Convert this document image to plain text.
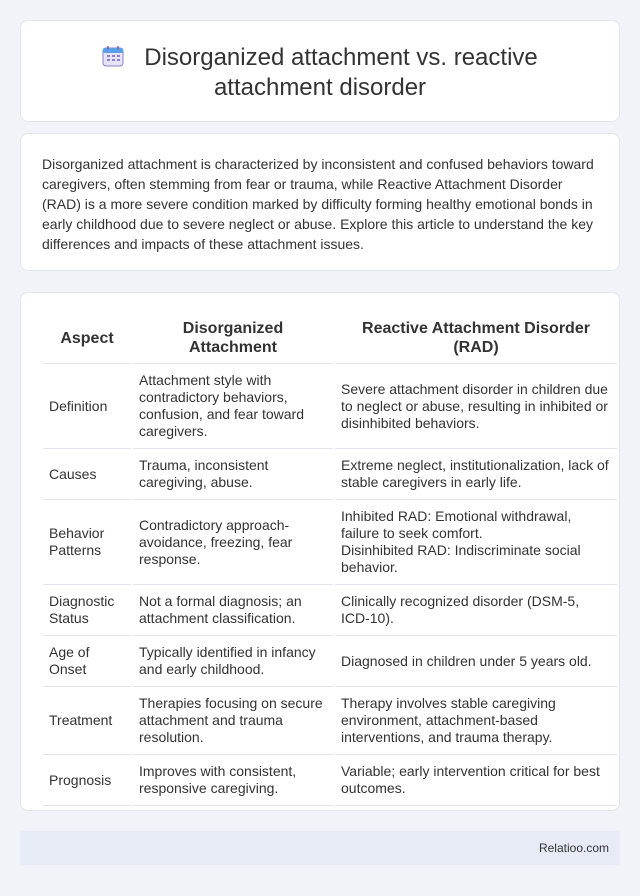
Disorganized attachment vs. reactive
attachment disorder

Disorganized attachment is characterized by inconsistent and confused behaviors toward caregivers, often stemming from fear or trauma, while Reactive Attachment Disorder (RAD) is a more severe condition marked by difficulty forming healthy emotional bonds in early childhood due to severe neglect or abuse. Explore this article to understand the key differences and impacts of these attachment issues.

Aspect	Disorganized Attachment	Reactive Attachment Disorder (RAD)
Definition	Attachment style with contradictory behaviors, confusion, and fear toward caregivers.	Severe attachment disorder in children due to neglect or abuse, resulting in inhibited or disinhibited behaviors.
Causes	Trauma, inconsistent caregiving, abuse.	Extreme neglect, institutionalization, lack of stable caregivers in early life.
Behavior Patterns	Contradictory approach-avoidance, freezing, fear response.	Inhibited RAD: Emotional withdrawal, failure to seek comfort.
Disinhibited RAD: Indiscriminate social behavior.

Diagnostic Status	Not a formal diagnosis; an attachment classification.	Clinically recognized disorder (DSM-5, ICD-10).
Age of Onset	Typically identified in infancy and early childhood.	Diagnosed in children under 5 years old.
Treatment	Therapies focusing on secure attachment and trauma resolution.	Therapy involves stable caregiving environment, attachment-based interventions, and trauma therapy.
Prognosis	Improves with consistent, responsive caregiving.	Variable; early intervention critical for best outcomes.
Relatioo.com
